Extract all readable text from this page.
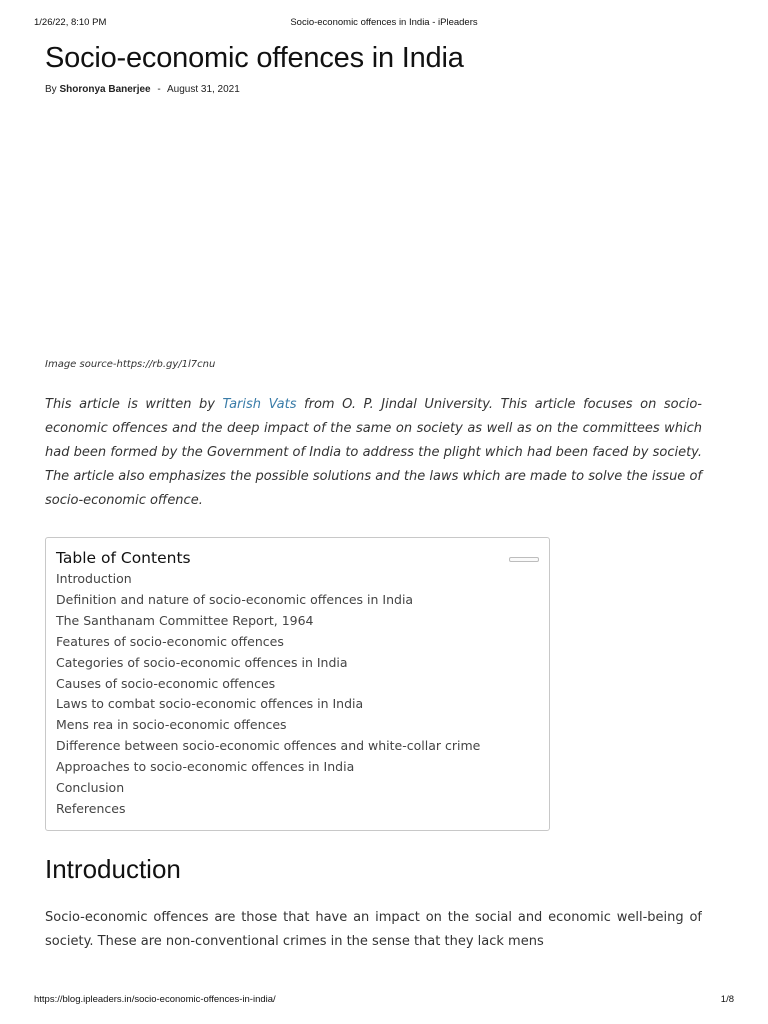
1/26/22, 8:10 PM	Socio-economic offences in India - iPleaders
Socio-economic offences in India
By Shoronya Banerjee - August 31, 2021
Image source-https://rb.gy/1l7cnu

This article is written by Tarish Vats from O. P. Jindal University. This article focuses on socio-economic offences and the deep impact of the same on society as well as on the committees which had been formed by the Government of India to address the plight which had been faced by society. The article also emphasizes the possible solutions and the laws which are made to solve the issue of socio-economic offence.

Table of Contents
Introduction
Definition and nature of socio-economic offences in India
The Santhanam Committee Report, 1964
Features of socio-economic offences
Categories of socio-economic offences in India
Causes of socio-economic offences
Laws to combat socio-economic offences in India
Mens rea in socio-economic offences
Difference between socio-economic offences and white-collar crime
Approaches to socio-economic offences in India
Conclusion
References
Introduction

Socio-economic offences are those that have an impact on the social and economic well-being of society. These are non-conventional crimes in the sense that they lack mens

https://blog.ipleaders.in/socio-economic-offences-in-india/	1/8
